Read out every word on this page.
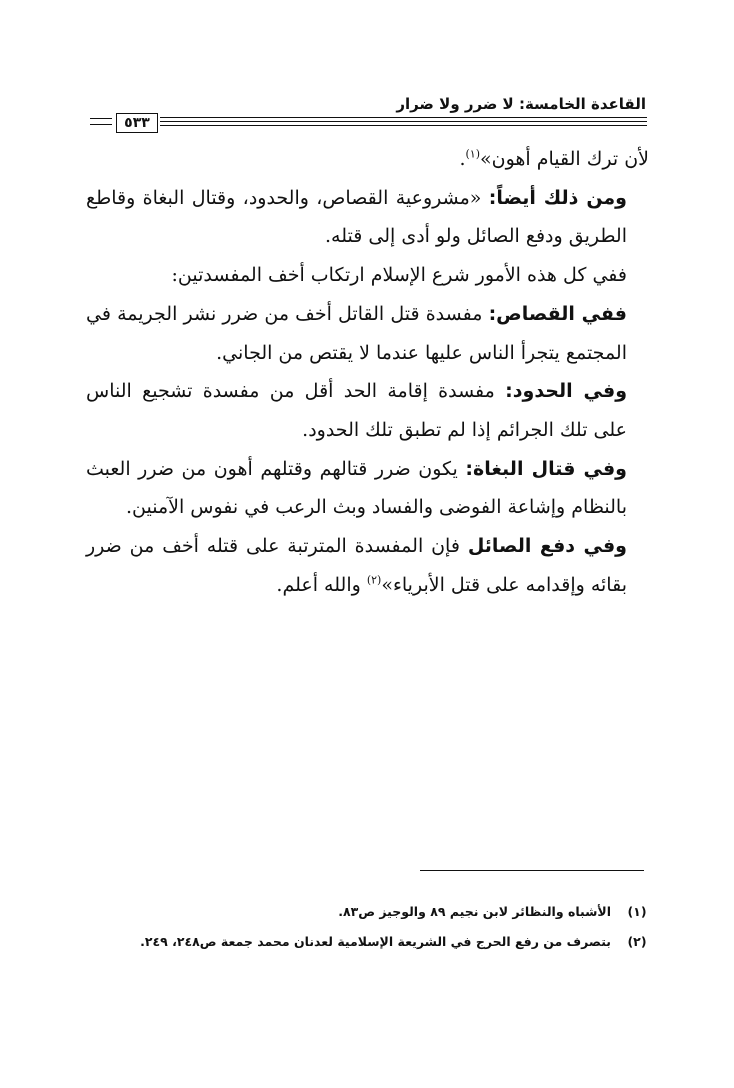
القاعدة الخامسة: لا ضرر ولا ضرار
٥٣٣

لأن ترك القيام أهون»$^{(١)}$.

ومن ذلك أيضاً: «مشروعية القصاص، والحدود، وقتال البغاة وقاطع الطريق ودفع الصائل ولو أدى إلى قتله.

ففي كل هذه الأمور شرع الإسلام ارتكاب أخف المفسدتين:

ففي القصاص: مفسدة قتل القاتل أخف من ضرر نشر الجريمة في المجتمع يتجرأ الناس عليها عندما لا يقتص من الجاني.

وفي الحدود: مفسدة إقامة الحد أقل من مفسدة تشجيع الناس على تلك الجرائم إذا لم تطبق تلك الحدود.

وفي قتال البغاة: يكون ضرر قتالهم وقتلهم أهون من ضرر العبث بالنظام وإشاعة الفوضى والفساد وبث الرعب في نفوس الآمنين.

وفي دفع الصائل فإن المفسدة المترتبة على قتله أخف من ضرر بقائه وإقدامه على قتل الأبرياء»$^{(٢)}$ والله أعلم.

(١)
الأشباه والنظائر لابن نجيم ٨٩ والوجيز ص٨٣.

(٢)
بتصرف من رفع الحرج في الشريعة الإسلامية لعدنان محمد جمعة ص٢٤٨، ٢٤٩.
